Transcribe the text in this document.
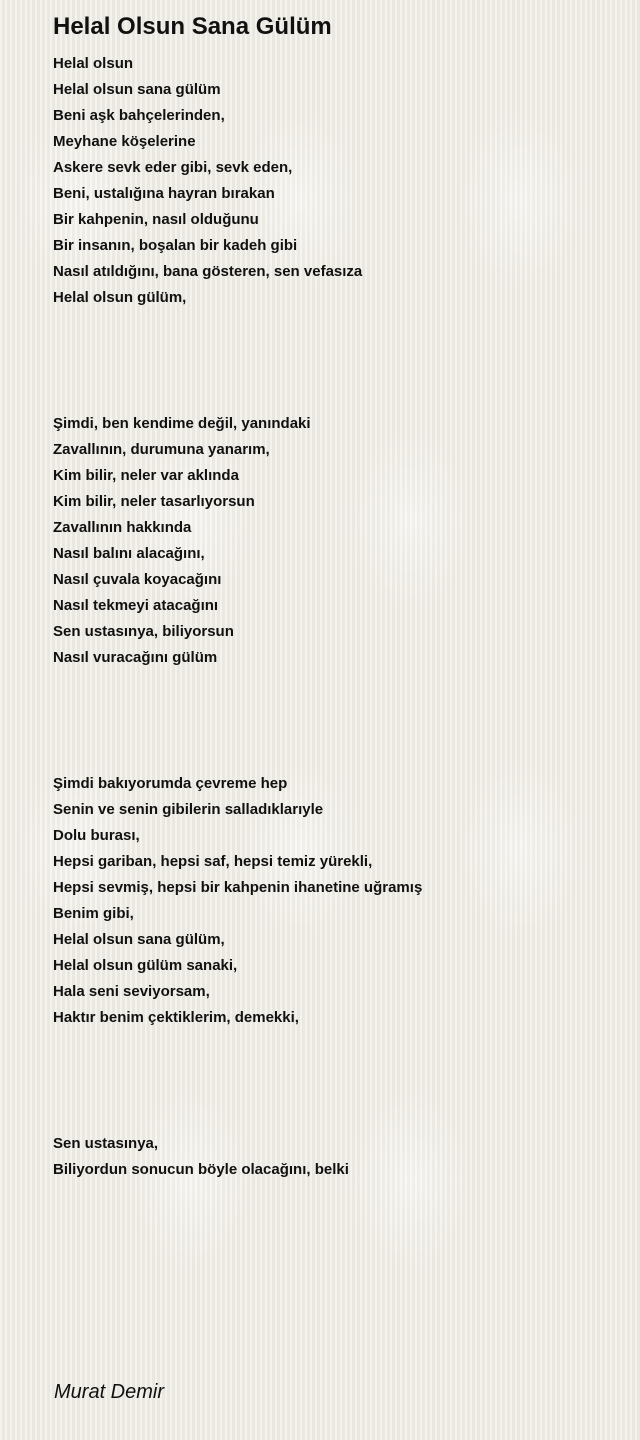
Helal Olsun Sana Gülüm
Helal olsun
Helal olsun sana gülüm
Beni aşk bahçelerinden,
Meyhane köşelerine
Askere sevk eder gibi, sevk eden,
Beni, ustalığına hayran bırakan
Bir kahpenin, nasıl olduğunu
Bir insanın, boşalan bir kadeh gibi
Nasıl atıldığını, bana gösteren, sen vefasıza
Helal olsun gülüm,
Şimdi, ben kendime değil, yanındaki
Zavallının, durumuna yanarım,
Kim bilir, neler var aklında
Kim bilir, neler tasarlıyorsun
Zavallının hakkında
Nasıl balını alacağını,
Nasıl çuvala koyacağını
Nasıl tekmeyi atacağını
Sen ustasınya, biliyorsun
Nasıl vuracağını gülüm
Şimdi bakıyorumda çevreme hep
Senin ve senin gibilerin salladıklarıyle
Dolu burası,
Hepsi gariban, hepsi saf, hepsi temiz yürekli,
Hepsi sevmiş, hepsi bir kahpenin ihanetine uğramış
Benim gibi,
Helal olsun sana gülüm,
Helal olsun gülüm sanaki,
Hala seni seviyorsam,
Haktır benim çektiklerim, demekki,
Sen ustasınya,
Biliyordun sonucun böyle olacağını, belki
Murat Demir
